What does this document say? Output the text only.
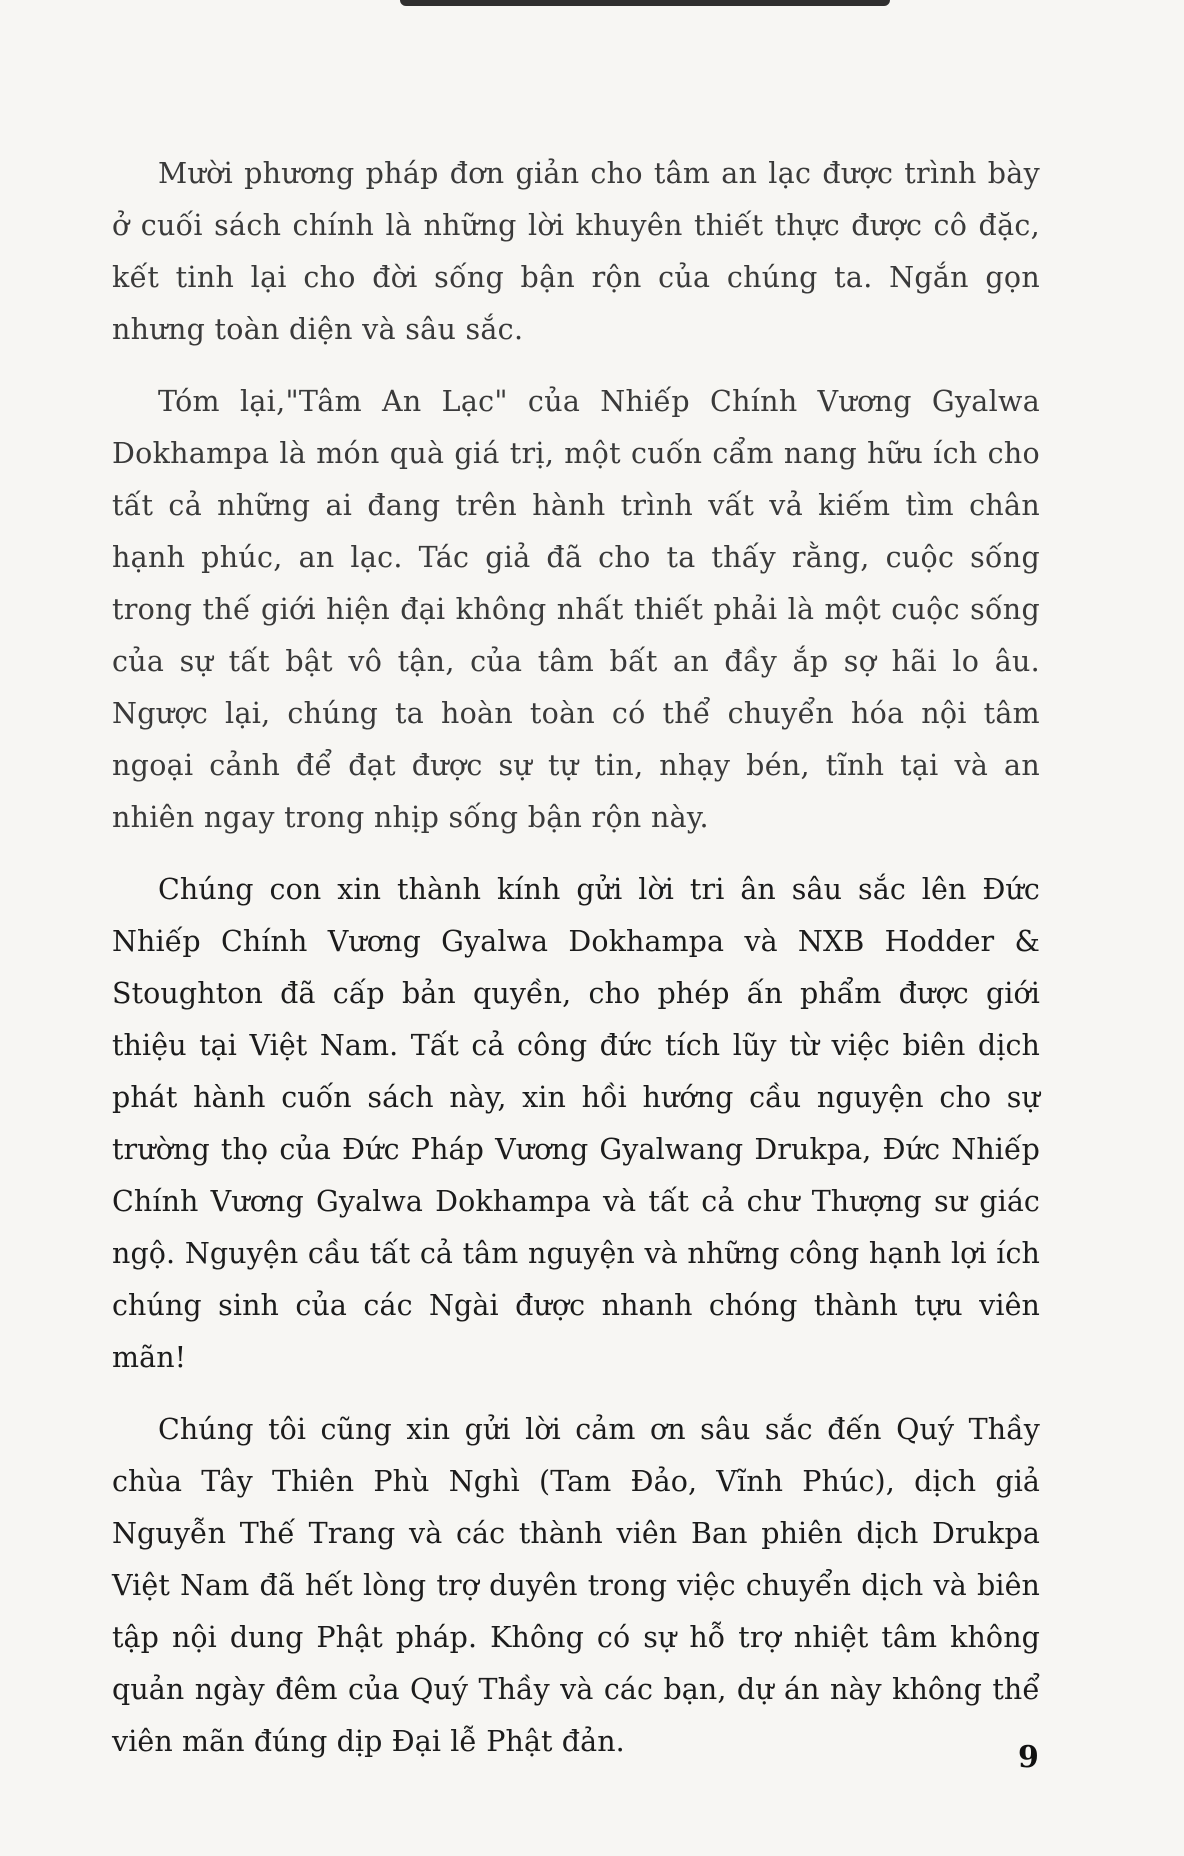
Mười phương pháp đơn giản cho tâm an lạc được trình bày ở cuối sách chính là những lời khuyên thiết thực được cô đặc, kết tinh lại cho đời sống bận rộn của chúng ta. Ngắn gọn nhưng toàn diện và sâu sắc.

Tóm lại,"Tâm An Lạc" của Nhiếp Chính Vương Gyalwa Dokhampa là món quà giá trị, một cuốn cẩm nang hữu ích cho tất cả những ai đang trên hành trình vất vả kiếm tìm chân hạnh phúc, an lạc. Tác giả đã cho ta thấy rằng, cuộc sống trong thế giới hiện đại không nhất thiết phải là một cuộc sống của sự tất bật vô tận, của tâm bất an đầy ắp sợ hãi lo âu. Ngược lại, chúng ta hoàn toàn có thể chuyển hóa nội tâm ngoại cảnh để đạt được sự tự tin, nhạy bén, tĩnh tại và an nhiên ngay trong nhịp sống bận rộn này.

Chúng con xin thành kính gửi lời tri ân sâu sắc lên Đức Nhiếp Chính Vương Gyalwa Dokhampa và NXB Hodder & Stoughton đã cấp bản quyền, cho phép ấn phẩm được giới thiệu tại Việt Nam. Tất cả công đức tích lũy từ việc biên dịch phát hành cuốn sách này, xin hồi hướng cầu nguyện cho sự trường thọ của Đức Pháp Vương Gyalwang Drukpa, Đức Nhiếp Chính Vương Gyalwa Dokhampa và tất cả chư Thượng sư giác ngộ. Nguyện cầu tất cả tâm nguyện và những công hạnh lợi ích chúng sinh của các Ngài được nhanh chóng thành tựu viên mãn!

Chúng tôi cũng xin gửi lời cảm ơn sâu sắc đến Quý Thầy chùa Tây Thiên Phù Nghì (Tam Đảo, Vĩnh Phúc), dịch giả Nguyễn Thế Trang và các thành viên Ban phiên dịch Drukpa Việt Nam đã hết lòng trợ duyên trong việc chuyển dịch và biên tập nội dung Phật pháp. Không có sự hỗ trợ nhiệt tâm không quản ngày đêm của Quý Thầy và các bạn, dự án này không thể viên mãn đúng dịp Đại lễ Phật đản.	9
